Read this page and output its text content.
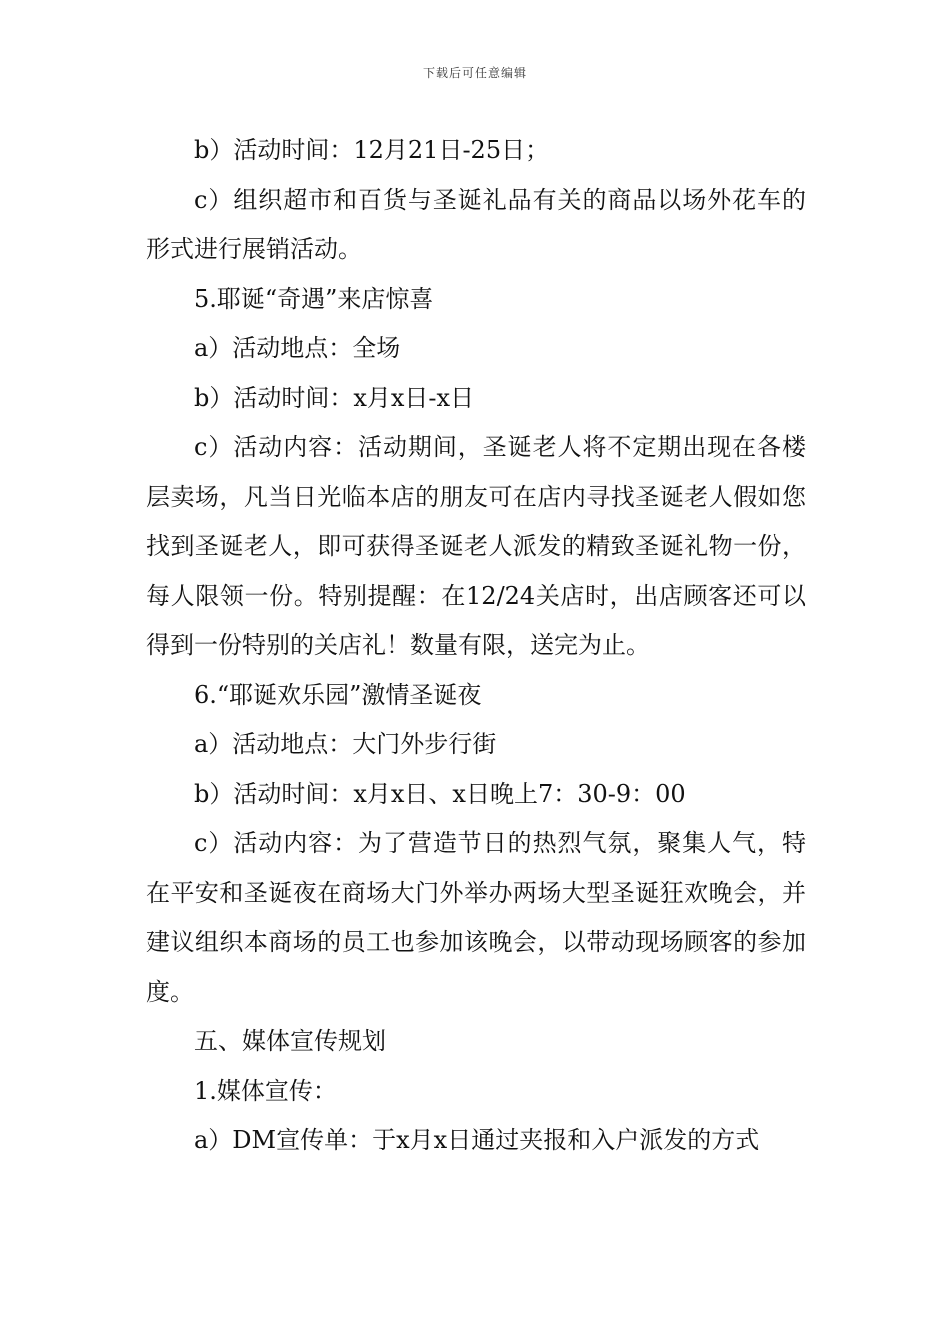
下载后可任意编辑

b）活动时间：12月21日-25日；

c）组织超市和百货与圣诞礼品有关的商品以场外花车的形式进行展销活动。

5.耶诞“奇遇”来店惊喜

a）活动地点：全场

b）活动时间：x月x日-x日

c）活动内容：活动期间，圣诞老人将不定期出现在各楼层卖场，凡当日光临本店的朋友可在店内寻找圣诞老人假如您找到圣诞老人，即可获得圣诞老人派发的精致圣诞礼物一份，每人限领一份。特别提醒：在12/24关店时，出店顾客还可以得到一份特别的关店礼！数量有限，送完为止。

6.“耶诞欢乐园”激情圣诞夜

a）活动地点：大门外步行街

b）活动时间：x月x日、x日晚上7：30-9：00

c）活动内容：为了营造节日的热烈气氛，聚集人气，特在平安和圣诞夜在商场大门外举办两场大型圣诞狂欢晚会，并建议组织本商场的员工也参加该晚会，以带动现场顾客的参加度。

五、媒体宣传规划

1.媒体宣传：

a）DM宣传单：于x月x日通过夹报和入户派发的方式
